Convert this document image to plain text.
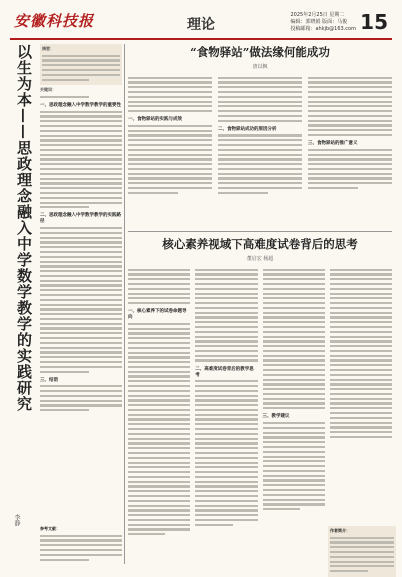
安徽科技报	理论
2025年2月25日 星期二
编辑：郭晓娟 版面：马俊
投稿邮箱：ahkjb@163.com 15
以生为本——思政理念融入中学数学教学的实践研究
李静
摘要：
关键词：
一、思政理念融入中学数学教学的重要性
二、思政理念融入中学数学教学的实践路径
三、结语
参考文献：
“食物驿站”做法缘何能成功
唐以枫
一、食物驿站的实践与成效
二、食物驿站成功的原因分析
三、食物驿站的推广意义
核心素养视域下高难度试卷背后的思考
董启宏 杨超
一、核心素养下的试卷命题导向
二、高难度试卷背后的教学思考
三、教学建议
作者简介：
